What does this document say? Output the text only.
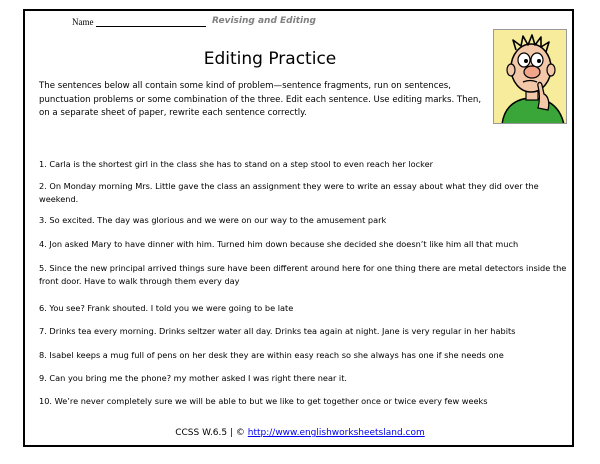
Name	Revising and Editing
Editing Practice
The sentences below all contain some kind of problem—sentence fragments, run on sentences, punctuation problems or some combination of the three. Edit each sentence. Use editing marks. Then, on a separate sheet of paper, rewrite each sentence correctly.
1. Carla is the shortest girl in the class she has to stand on a step stool to even reach her locker
2. On Monday morning Mrs. Little gave the class an assignment they were to write an essay about what they did over the weekend.
3. So excited. The day was glorious and we were on our way to the amusement park
4. Jon asked Mary to have dinner with him. Turned him down because she decided she doesn’t like him all that much
5. Since the new principal arrived things sure have been different around here for one thing there are metal detectors inside the front door. Have to walk through them every day
6. You see? Frank shouted. I told you we were going to be late
7. Drinks tea every morning. Drinks seltzer water all day. Drinks tea again at night. Jane is very regular in her habits
8. Isabel keeps a mug full of pens on her desk they are within easy reach so she always has one if she needs one
9. Can you bring me the phone? my mother asked I was right there near it.
10. We’re never completely sure we will be able to but we like to get together once or twice every few weeks
CCSS W.6.5 | © http://www.englishworksheetsland.com
